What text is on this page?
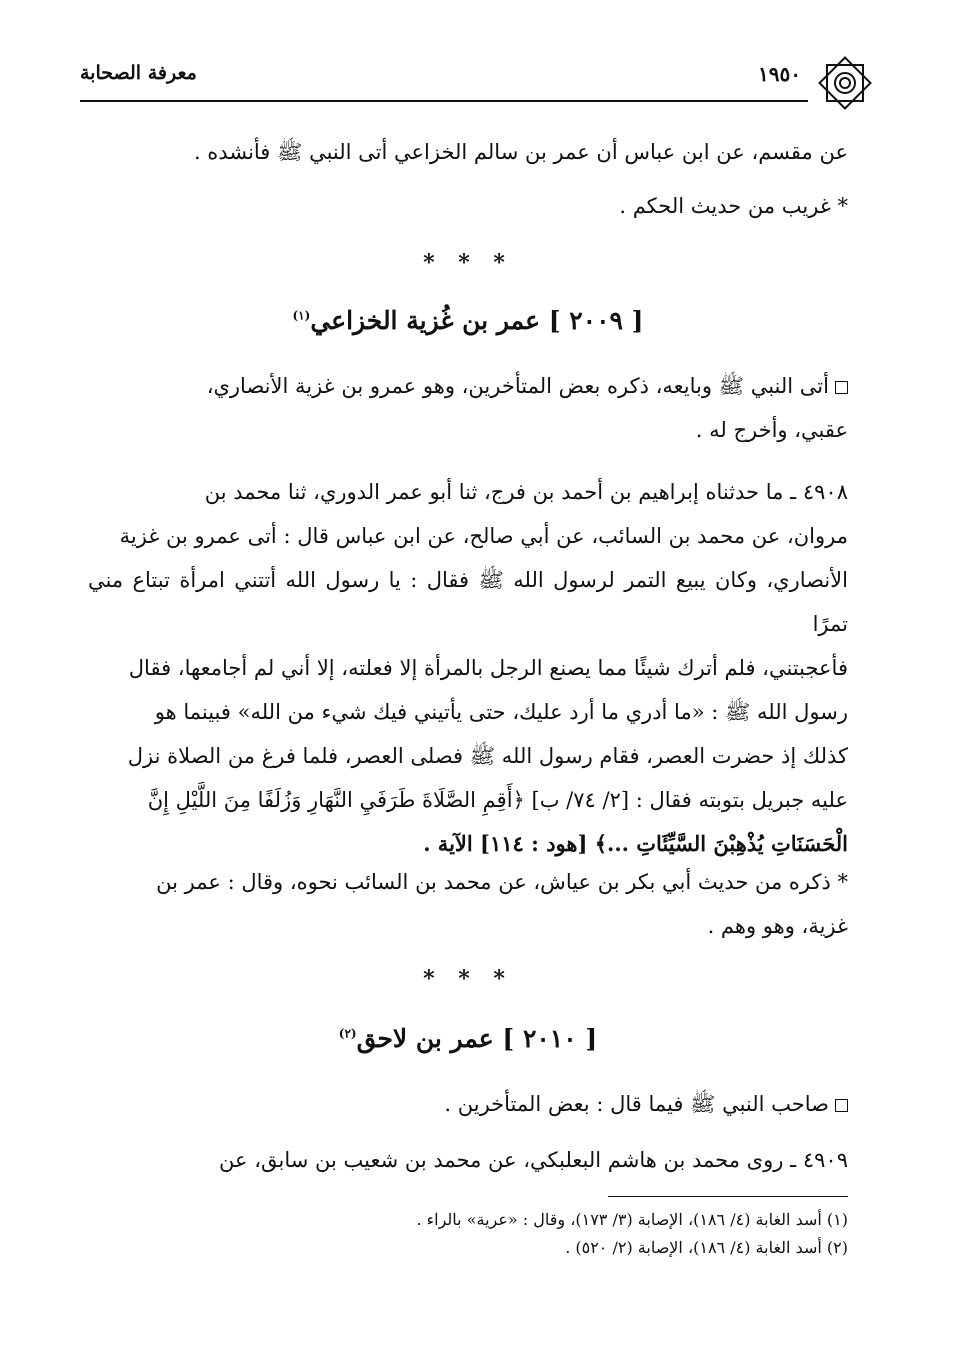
معرفة الصحابة	١٩٥٠
عن مقسم، عن ابن عباس أن عمر بن سالم الخزاعي أتى النبي ﷺ فأنشده .
* غريب من حديث الحكم .
* * *
[ ٢٠٠٩ ] عمر بن غُزية الخزاعي$^{(١)}$
أتى النبي ﷺ وبايعه، ذكره بعض المتأخرين، وهو عمرو بن غزية الأنصاري،
عقبي، وأخرج له .
٤٩٠٨ ـ ما حدثناه إبراهيم بن أحمد بن فرج، ثنا أبو عمر الدوري، ثنا محمد بن
مروان، عن محمد بن السائب، عن أبي صالح، عن ابن عباس قال : أتى عمرو بن غزية
الأنصاري، وكان يبيع التمر لرسول الله ﷺ فقال : يا رسول الله أتتني امرأة تبتاع مني تمرًا
فأعجبتني، فلم أترك شيئًا مما يصنع الرجل بالمرأة إلا فعلته، إلا أني لم أجامعها، فقال
رسول الله ﷺ : «ما أدري ما أرد عليك، حتى يأتيني فيك شيء من الله» فبينما هو
كذلك إذ حضرت العصر، فقام رسول الله ﷺ فصلى العصر، فلما فرغ من الصلاة نزل
عليه جبريل بتوبته فقال : [٢/ ٧٤/ ب] ﴿أَقِمِ الصَّلَاةَ طَرَفَيِ النَّهَارِ وَزُلَفًا مِنَ اللَّيْلِ إِنَّ
الْحَسَنَاتِ يُذْهِبْنَ السَّيِّئَاتِ ...﴾ [هود : ١١٤] الآية .
* ذكره من حديث أبي بكر بن عياش، عن محمد بن السائب نحوه، وقال : عمر بن
غزية، وهو وهم .
* * *
[ ٢٠١٠ ] عمر بن لاحق$^{(٢)}$
صاحب النبي ﷺ فيما قال : بعض المتأخرين .
٤٩٠٩ ـ روى محمد بن هاشم البعلبكي، عن محمد بن شعيب بن سابق، عن
(١) أسد الغابة (٤/ ١٨٦)، الإصابة (٣/ ١٧٣)، وقال : «عرية» بالراء .
(٢) أسد الغابة (٤/ ١٨٦)، الإصابة (٢/ ٥٢٠) .
